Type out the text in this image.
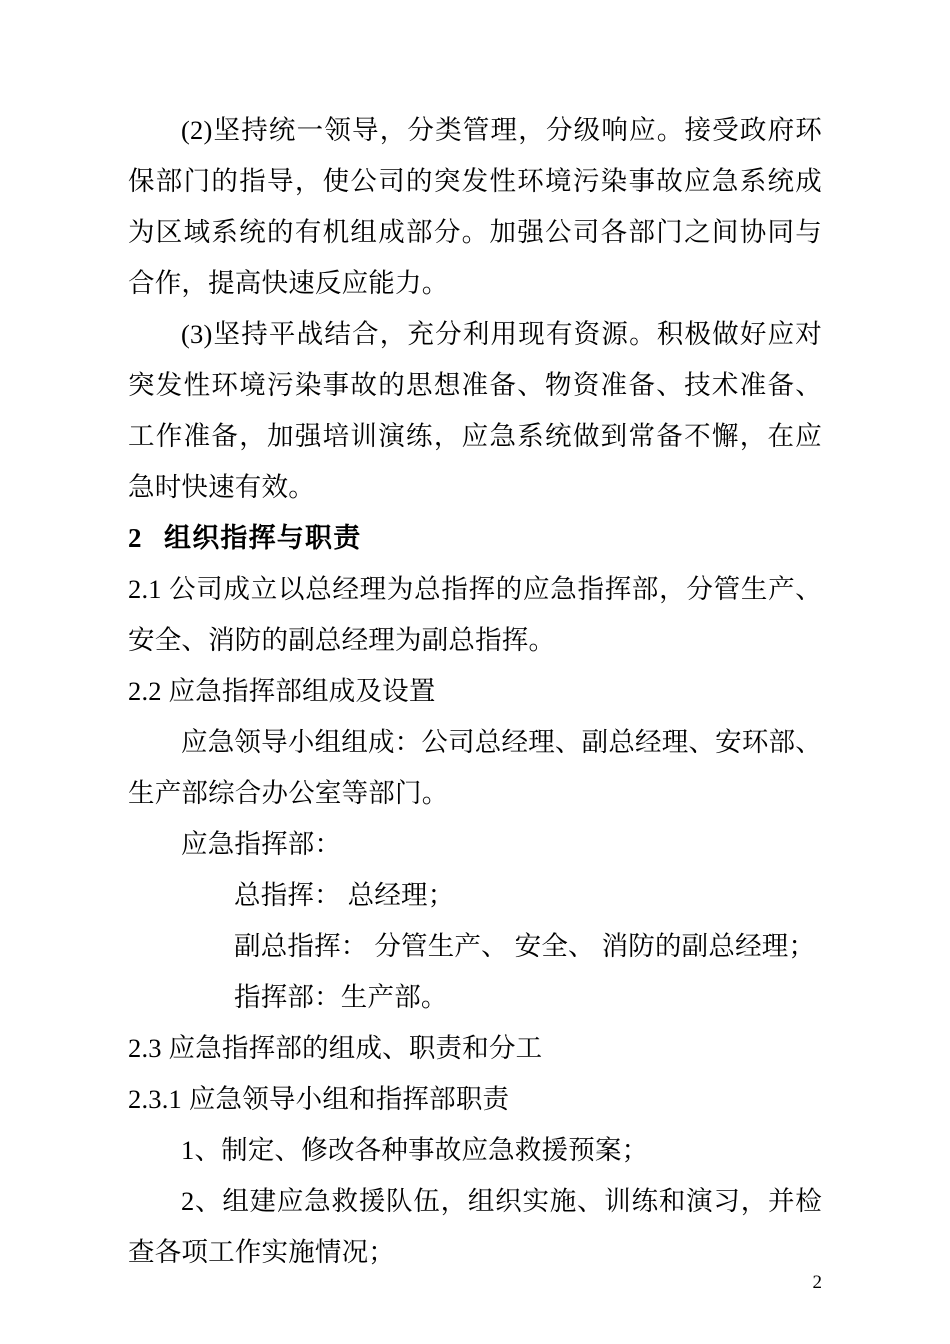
(2)坚持统一领导，分类管理，分级响应。接受政府环保部门的指导，使公司的突发性环境污染事故应急系统成为区域系统的有机组成部分。加强公司各部门之间协同与合作，提高快速反应能力。

(3)坚持平战结合，充分利用现有资源。积极做好应对突发性环境污染事故的思想准备、物资准备、技术准备、工作准备，加强培训演练，应急系统做到常备不懈，在应急时快速有效。

2 组织指挥与职责

2.1 公司成立以总经理为总指挥的应急指挥部，分管生产、安全、消防的副总经理为副总指挥。

2.2 应急指挥部组成及设置

应急领导小组组成：公司总经理、副总经理、安环部、生产部综合办公室等部门。

应急指挥部：

总指挥： 总经理；

副总指挥： 分管生产、 安全、 消防的副总经理；

指挥部：生产部。

2.3 应急指挥部的组成、职责和分工

2.3.1 应急领导小组和指挥部职责

1、制定、修改各种事故应急救援预案；

2、组建应急救援队伍，组织实施、训练和演习，并检查各项工作实施情况；

2
